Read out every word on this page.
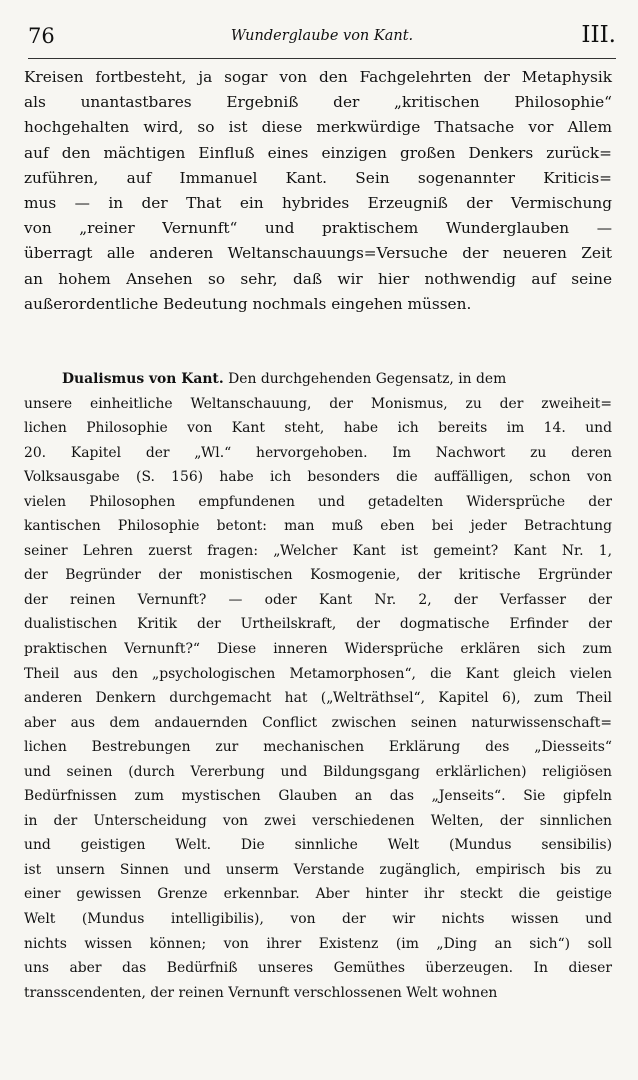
76	Wunderglaube von Kant.	III.
Kreisen fortbesteht, ja sogar von den Fachgelehrten der Metaphysik
als unantastbares Ergebniß der „kritischen Philosophie“
hochgehalten wird, so ist diese merkwürdige Thatsache vor Allem
auf den mächtigen Einfluß eines einzigen großen Denkers zurück=
zuführen, auf Immanuel Kant. Sein sogenannter Kriticis=
mus — in der That ein hybrides Erzeugniß der Vermischung
von „reiner Vernunft“ und praktischem Wunderglauben —
überragt alle anderen Weltanschauungs=Versuche der neueren Zeit
an hohem Ansehen so sehr, daß wir hier nothwendig auf seine
außerordentliche Bedeutung nochmals eingehen müssen.
Dualismus von Kant. Den durchgehenden Gegensatz, in dem
unsere einheitliche Weltanschauung, der Monismus, zu der zweiheit=
lichen Philosophie von Kant steht, habe ich bereits im 14. und
20. Kapitel der „Wl.“ hervorgehoben. Im Nachwort zu deren
Volksausgabe (S. 156) habe ich besonders die auffälligen, schon von
vielen Philosophen empfundenen und getadelten Widersprüche der
kantischen Philosophie betont: man muß eben bei jeder Betrachtung
seiner Lehren zuerst fragen: „Welcher Kant ist gemeint? Kant Nr. 1,
der Begründer der monistischen Kosmogenie, der kritische Ergründer
der reinen Vernunft? — oder Kant Nr. 2, der Verfasser der
dualistischen Kritik der Urtheilskraft, der dogmatische Erfinder der
praktischen Vernunft?“ Diese inneren Widersprüche erklären sich zum
Theil aus den „psychologischen Metamorphosen“, die Kant gleich vielen
anderen Denkern durchgemacht hat („Welträthsel“, Kapitel 6), zum Theil
aber aus dem andauernden Conflict zwischen seinen naturwissenschaft=
lichen Bestrebungen zur mechanischen Erklärung des „Diesseits“
und seinen (durch Vererbung und Bildungsgang erklärlichen) religiösen
Bedürfnissen zum mystischen Glauben an das „Jenseits“. Sie gipfeln
in der Unterscheidung von zwei verschiedenen Welten, der sinnlichen
und geistigen Welt. Die sinnliche Welt (Mundus sensibilis)
ist unsern Sinnen und unserm Verstande zugänglich, empirisch bis zu
einer gewissen Grenze erkennbar. Aber hinter ihr steckt die geistige
Welt (Mundus intelligibilis), von der wir nichts wissen und
nichts wissen können; von ihrer Existenz (im „Ding an sich“) soll
uns aber das Bedürfniß unseres Gemüthes überzeugen. In dieser
transscendenten, der reinen Vernunft verschlossenen Welt wohnen
